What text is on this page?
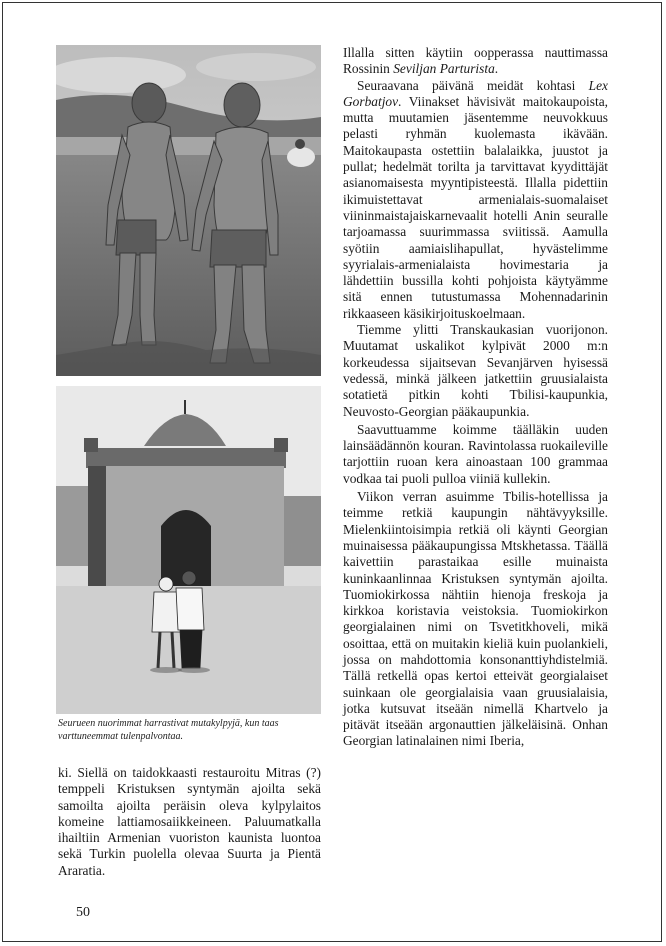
Seurueen nuorimmat harrastivat mutakylpyjä, kun taas varttuneemmat tulenpalvontaa.

ki. Siellä on taidokkaasti restauroitu Mitras (?) temppeli Kristuksen syntymän ajoilta sekä samoilta ajoilta peräisin oleva kylpylaitos komeine lattiamosaiikkeineen. Paluumatkalla ihailtiin Armenian vuoriston kaunista luontoa sekä Turkin puolella olevaa Suurta ja Pientä Araratia.

Illalla sitten käytiin oopperassa nauttimassa Rossinin Seviljan Parturista.

Seuraavana päivänä meidät kohtasi Lex Gorbatjov. Viinakset hävisivät maitokaupoista, mutta muutamien jäsentemme neuvokkuus pelasti ryhmän kuolemasta ikävään. Maitokaupasta ostettiin balalaikka, juustot ja pullat; hedelmät torilta ja tarvittavat kyydittäjät asianomaisesta myyntipisteestä. Illalla pidettiin ikimuistettavat armenialais-suomalaiset viininmaistajaiskarnevaalit hotelli Anin seuralle tarjoamassa suurimmassa sviitissä. Aamulla syötiin aamiaislihapullat, hyvästelimme syyrialais-armenialaista hovimestaria ja lähdettiin bussilla kohti pohjoista käytyämme sitä ennen tutustumassa Mohennadarinin rikkaaseen käsikirjoituskoelmaan.

Tiemme ylitti Transkaukasian vuorijonon. Muutamat uskalikot kylpivät 2000 m:n korkeudessa sijaitsevan Sevanjärven hyisessä vedessä, minkä jälkeen jatkettiin gruusialaista sotatietä pitkin kohti Tbilisi-kaupunkia, Neuvosto-Georgian pääkaupunkia.

Saavuttuamme koimme täälläkin uuden lainsäädännön kouran. Ravintolassa ruokaileville tarjottiin ruoan kera ainoastaan 100 grammaa vodkaa tai puoli pulloa viiniä kullekin.

Viikon verran asuimme Tbilis-hotellissa ja teimme retkiä kaupungin nähtävyyksille. Mielenkiintoisimpia retkiä oli käynti Georgian muinaisessa pääkaupungissa Mtskhetassa. Täällä kaivettiin parastaikaa esille muinaista kuninkaanlinnaa Kristuksen syntymän ajoilta. Tuomiokirkossa nähtiin hienoja freskoja ja kirkkoa koristavia veistoksia. Tuomiokirkon georgialainen nimi on Tsvetitkhoveli, mikä osoittaa, että on muitakin kieliä kuin puolankieli, jossa on mahdottomia konsonanttiyhdistelmiä. Tällä retkellä opas kertoi etteivät georgialaiset suinkaan ole georgialaisia vaan gruusialaisia, jotka kutsuvat itseään nimellä Khartvelo ja pitävät itseään argonauttien jälkeläisinä. Onhan Georgian latinalainen nimi Iberia,

50
